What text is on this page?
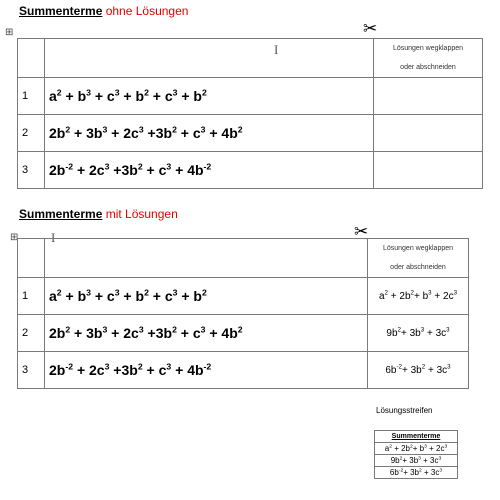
Summenterme ohne Lösungen
⊞	✂
I

		Lösungen wegklappen
oder abschneiden

1	$a^2 + b^3 + c^3 + b^2 + c^3 + b^2$	
2	$2b^2 + 3b^3 + 2c^3 +3b^2 + c^3 + 4b^2$	
3	$2b^{-2} + 2c^3 +3b^2 + c^3 + 4b^{-2}$	
Summenterme mit Lösungen
⊞	I	✂

		Lösungen wegklappen
oder abschneiden

1	$a^2 + b^3 + c^3 + b^2 + c^3 + b^2$	$a^2 + 2b^2+ b^3 + 2c^3$
2	$2b^2 + 3b^3 + 2c^3 +3b^2 + c^3 + 4b^2$	$9b^2+ 3b^3 + 3c^3$
3	$2b^{-2} + 2c^3 +3b^2 + c^3 + 4b^{-2}$	$6b^{-2}+ 3b^2 + 3c^3$
Lösungsstreifen
Summenterme
$a^2 + 2b^2+ b^3 + 2c^3$
$9b^2+ 3b^3 + 3c^3$
$6b^{-2}+ 3b^2 + 3c^3$
